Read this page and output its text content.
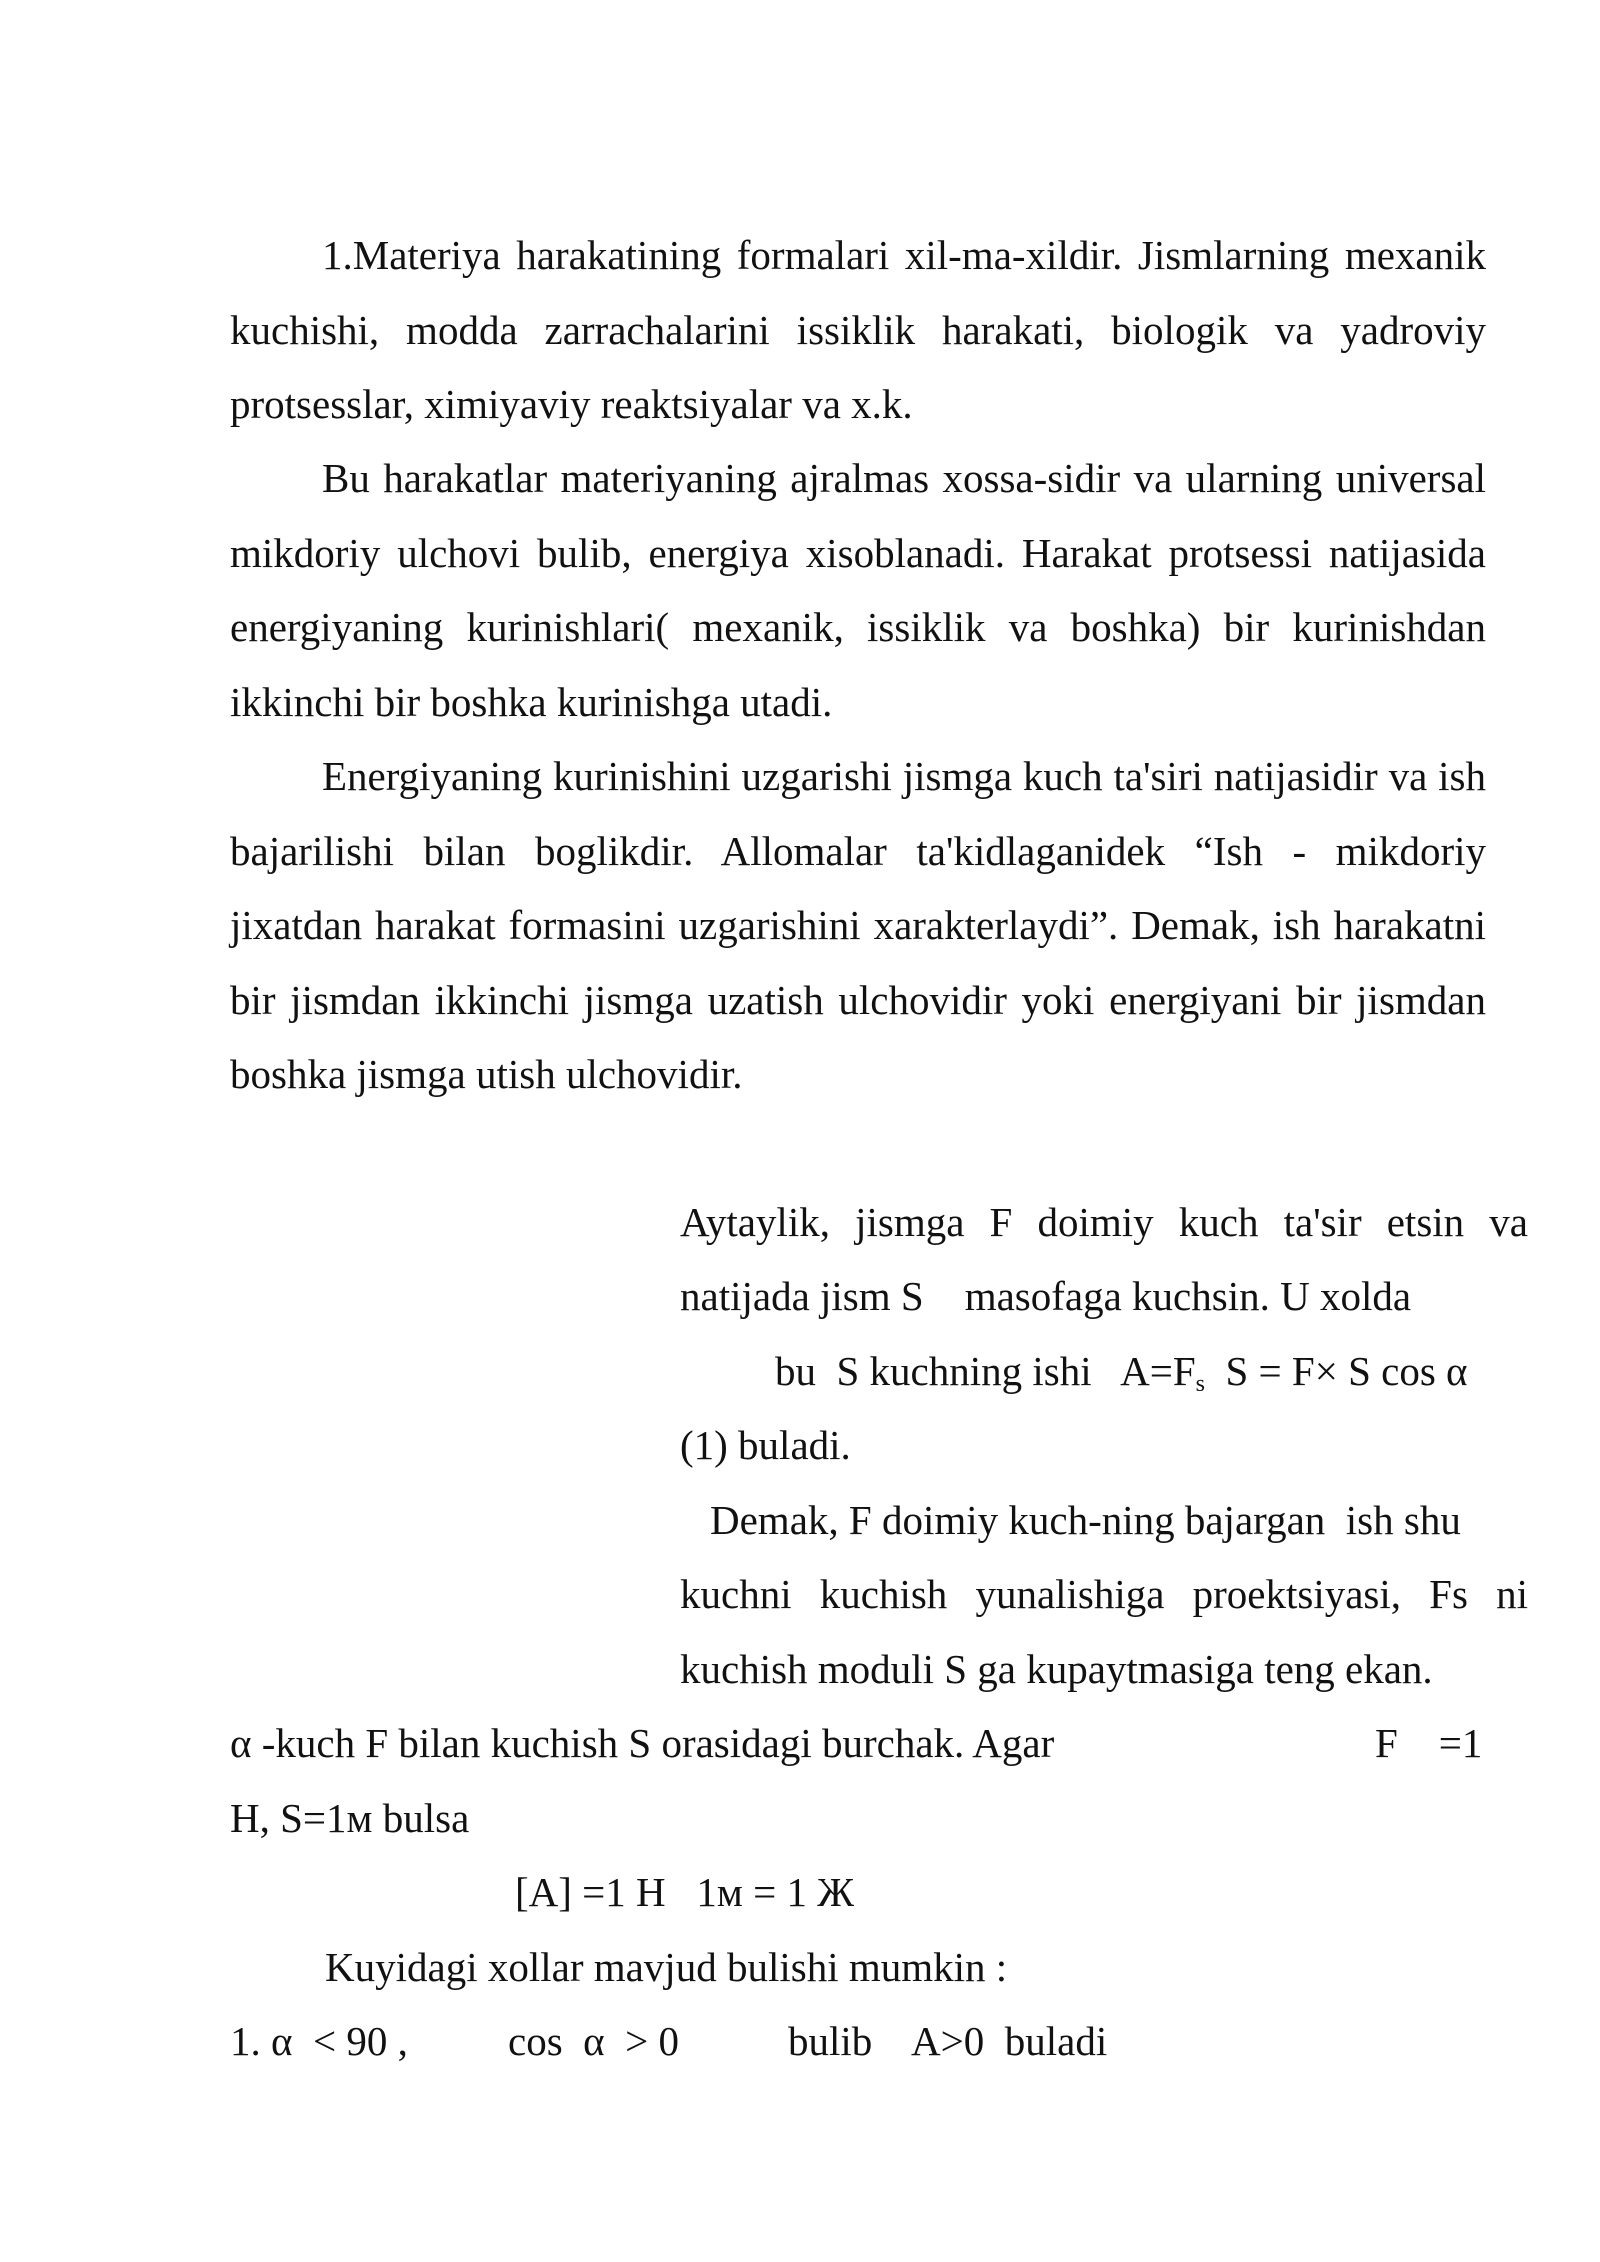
1.Materiya harakatining formalari xil-ma-xildir. Jismlarning mexanik kuchishi, modda zarrachalarini issiklik harakati, biologik va yadroviy protsesslar, ximiyaviy reaktsiyalar va x.k.

Bu harakatlar materiyaning ajralmas xossa-sidir va ularning universal mikdoriy ulchovi bulib, energiya xisoblanadi. Harakat protsessi natijasida energiyaning kurinishlari( mexanik, issiklik va boshka) bir kurinishdan ikkinchi bir boshka kurinishga utadi.

Energiyaning kurinishini uzgarishi jismga kuch ta'siri natijasidir va ish bajarilishi bilan boglikdir. Allomalar ta'kidlaganidek “Ish - mikdoriy jixatdan harakat formasini uzgarishini xarakterlaydi”. Demak, ish harakatni bir jismdan ikkinchi jismga uzatish ulchovidir yoki energiyani bir jismdan boshka jismga utish ulchovidir.

Aytaylik, jismga F doimiy kuch ta'sir etsin va
natijada jism S    masofaga kuchsin. U xolda
bu  S kuchning ishi   $A=F_s$  S = F× S cos α
(1) buladi.
Demak, F doimiy kuch-ning bajargan  ish shu
kuchni kuchish yunalishiga proektsiyasi, Fs ni
kuchish moduli S ga kupaytmasiga teng ekan.
α -kuch F bilan kuchish S orasidagi burchak. Agar	F    =1
H, S=1м bulsa
[A] =1 H   1м = 1 Ж
Kuyidagi xollar mavjud bulishi mumkin :
1. α  < 90 , cos  α  > 0	bulib    A>0  buladi
